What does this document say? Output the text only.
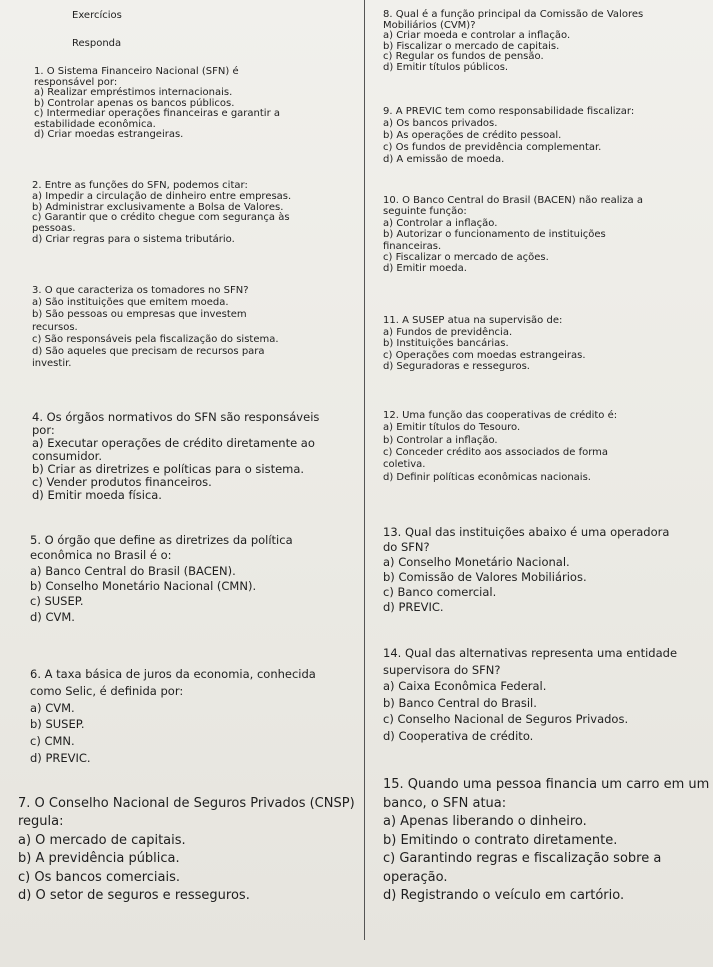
Exercícios
Responda
1. O Sistema Financeiro Nacional (SFN) é
responsável por:
a) Realizar empréstimos internacionais.
b) Controlar apenas os bancos públicos.
c) Intermediar operações financeiras e garantir a
estabilidade econômica.
d) Criar moedas estrangeiras.
2. Entre as funções do SFN, podemos citar:
a) Impedir a circulação de dinheiro entre empresas.
b) Administrar exclusivamente a Bolsa de Valores.
c) Garantir que o crédito chegue com segurança às
pessoas.
d) Criar regras para o sistema tributário.
3. O que caracteriza os tomadores no SFN?
a) São instituições que emitem moeda.
b) São pessoas ou empresas que investem
recursos.
c) São responsáveis pela fiscalização do sistema.
d) São aqueles que precisam de recursos para
investir.
4. Os órgãos normativos do SFN são responsáveis
por:
a) Executar operações de crédito diretamente ao
consumidor.
b) Criar as diretrizes e políticas para o sistema.
c) Vender produtos financeiros.
d) Emitir moeda física.
5. O órgão que define as diretrizes da política
econômica no Brasil é o:
a) Banco Central do Brasil (BACEN).
b) Conselho Monetário Nacional (CMN).
c) SUSEP.
d) CVM.
6. A taxa básica de juros da economia, conhecida
como Selic, é definida por:
a) CVM.
b) SUSEP.
c) CMN.
d) PREVIC.
7. O Conselho Nacional de Seguros Privados (CNSP)
regula:
a) O mercado de capitais.
b) A previdência pública.
c) Os bancos comerciais.
d) O setor de seguros e resseguros.
8. Qual é a função principal da Comissão de Valores
Mobiliários (CVM)?
a) Criar moeda e controlar a inflação.
b) Fiscalizar o mercado de capitais.
c) Regular os fundos de pensão.
d) Emitir títulos públicos.
9. A PREVIC tem como responsabilidade fiscalizar:
a) Os bancos privados.
b) As operações de crédito pessoal.
c) Os fundos de previdência complementar.
d) A emissão de moeda.
10. O Banco Central do Brasil (BACEN) não realiza a
seguinte função:
a) Controlar a inflação.
b) Autorizar o funcionamento de instituições
financeiras.
c) Fiscalizar o mercado de ações.
d) Emitir moeda.
11. A SUSEP atua na supervisão de:
a) Fundos de previdência.
b) Instituições bancárias.
c) Operações com moedas estrangeiras.
d) Seguradoras e resseguros.
12. Uma função das cooperativas de crédito é:
a) Emitir títulos do Tesouro.
b) Controlar a inflação.
c) Conceder crédito aos associados de forma
coletiva.
d) Definir políticas econômicas nacionais.
13. Qual das instituições abaixo é uma operadora
do SFN?
a) Conselho Monetário Nacional.
b) Comissão de Valores Mobiliários.
c) Banco comercial.
d) PREVIC.
14. Qual das alternativas representa uma entidade
supervisora do SFN?
a) Caixa Econômica Federal.
b) Banco Central do Brasil.
c) Conselho Nacional de Seguros Privados.
d) Cooperativa de crédito.
15. Quando uma pessoa financia um carro em um
banco, o SFN atua:
a) Apenas liberando o dinheiro.
b) Emitindo o contrato diretamente.
c) Garantindo regras e fiscalização sobre a
operação.
d) Registrando o veículo em cartório.
